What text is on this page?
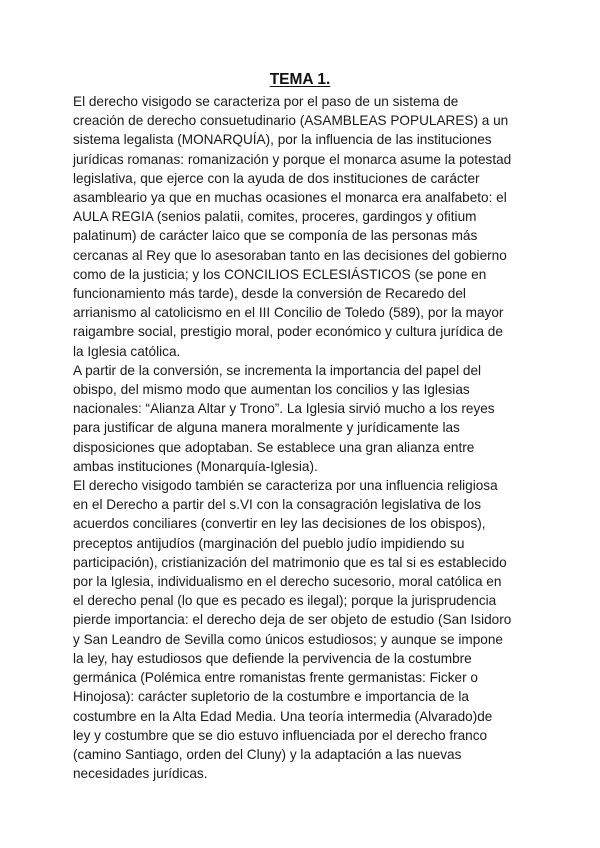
TEMA 1.
El derecho visigodo se caracteriza por el paso de un sistema de
creación de derecho consuetudinario (ASAMBLEAS POPULARES) a un
sistema legalista (MONARQUÍA), por la influencia de las instituciones
jurídicas romanas: romanización y porque el monarca asume la potestad
legislativa, que ejerce con la ayuda de dos instituciones de carácter
asambleario ya que en muchas ocasiones el monarca era analfabeto: el
AULA REGIA (senios palatii, comites, proceres, gardingos y ofitium
palatinum) de carácter laico que se componía de las personas más
cercanas al Rey que lo asesoraban tanto en las decisiones del gobierno
como de la justicia; y los CONCILIOS ECLESIÁSTICOS (se pone en
funcionamiento más tarde), desde la conversión de Recaredo del
arrianismo al catolicismo en el III Concilio de Toledo (589), por la mayor
raigambre social, prestigio moral, poder económico y cultura jurídica de
la Iglesia católica.
A partir de la conversión, se incrementa la importancia del papel del
obispo, del mismo modo que aumentan los concilios y las Iglesias
nacionales: “Alianza Altar y Trono”. La Iglesia sirvió mucho a los reyes
para justificar de alguna manera moralmente y jurídicamente las
disposiciones que adoptaban. Se establece una gran alianza entre
ambas instituciones (Monarquía-Iglesia).
El derecho visigodo también se caracteriza por una influencia religiosa
en el Derecho a partir del s.VI con la consagración legislativa de los
acuerdos conciliares (convertir en ley las decisiones de los obispos),
preceptos antijudíos (marginación del pueblo judío impidiendo su
participación), cristianización del matrimonio que es tal si es establecido
por la Iglesia, individualismo en el derecho sucesorio, moral católica en
el derecho penal (lo que es pecado es ilegal); porque la jurisprudencia
pierde importancia: el derecho deja de ser objeto de estudio (San Isidoro
y San Leandro de Sevilla como únicos estudiosos; y aunque se impone
la ley, hay estudiosos que defiende la pervivencia de la costumbre
germánica (Polémica entre romanistas frente germanistas: Ficker o
Hinojosa): carácter supletorio de la costumbre e importancia de la
costumbre en la Alta Edad Media. Una teoría intermedia (Alvarado)de
ley y costumbre que se dio estuvo influenciada por el derecho franco
(camino Santiago, orden del Cluny) y la adaptación a las nuevas
necesidades jurídicas.
